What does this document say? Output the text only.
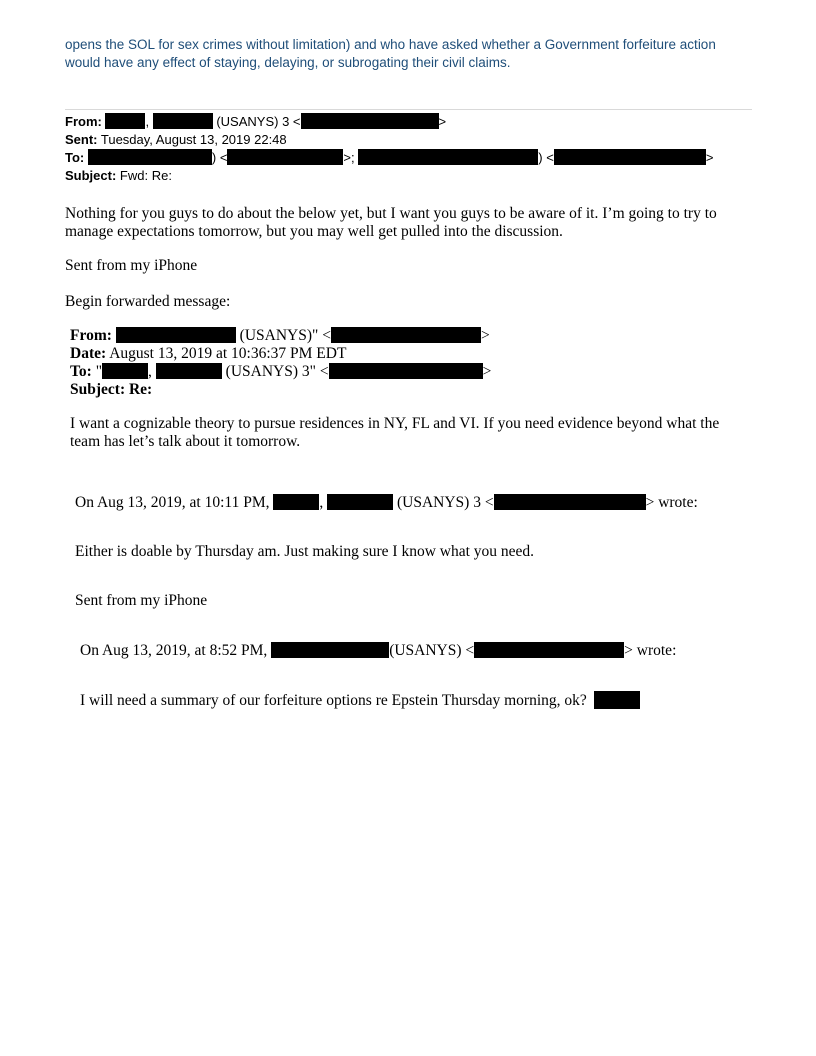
opens the SOL for sex crimes without limitation) and who have asked whether a Government forfeiture action
would have any effect of staying, delaying, or subrogating their civil claims.
From:	,	(USANYS) 3 <	>
Sent: Tuesday, August 13, 2019 22:48
To:	) <	>;	) <	>
Subject: Fwd: Re:
Nothing for you guys to do about the below yet, but I want you guys to be aware of it. I’m going to try to
manage expectations tomorrow, but you may well get pulled into the discussion.
Sent from my iPhone
Begin forwarded message:
From:	(USANYS)" <	>
Date: August 13, 2019 at 10:36:37 PM EDT
To: "	,	(USANYS) 3" <	>
Subject: Re:
I want a cognizable theory to pursue residences in NY, FL and VI. If you need evidence beyond what the
team has let’s talk about it tomorrow.
On Aug 13, 2019, at 10:11 PM,	,	(USANYS) 3 <	> wrote:
Either is doable by Thursday am. Just making sure I know what you need.
Sent from my iPhone
On Aug 13, 2019, at 8:52 PM,	(USANYS) <	> wrote:
I will need a summary of our forfeiture options re Epstein Thursday morning, ok?
